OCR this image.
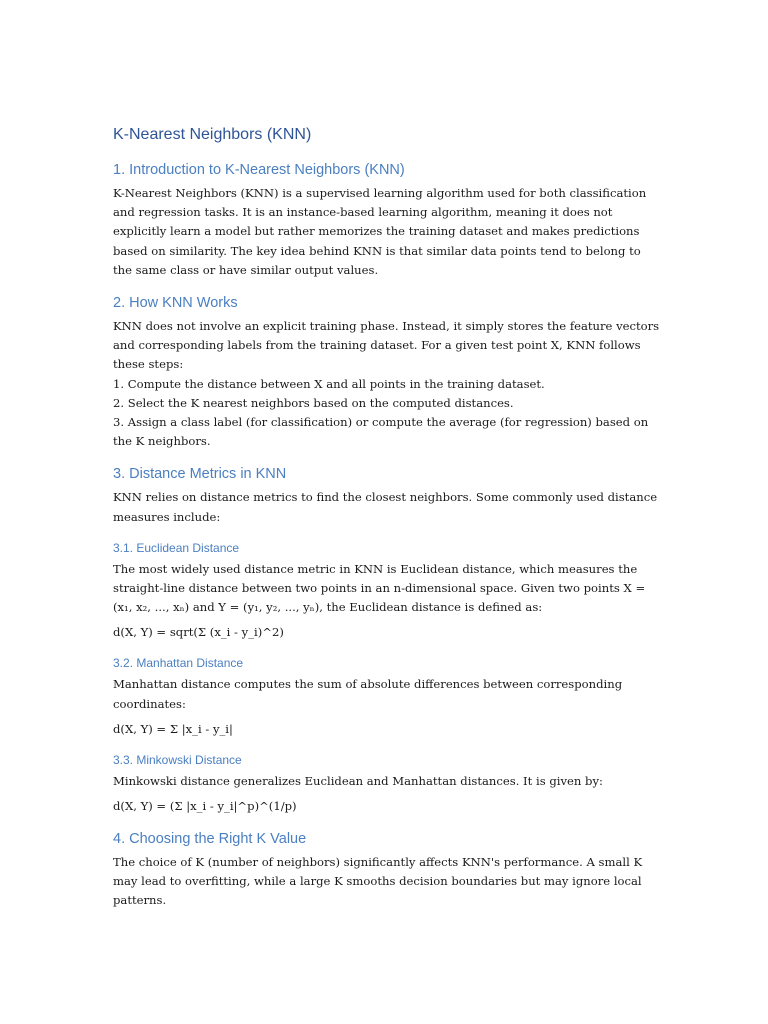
K-Nearest Neighbors (KNN)
1. Introduction to K-Nearest Neighbors (KNN)

K-Nearest Neighbors (KNN) is a supervised learning algorithm used for both classification
and regression tasks. It is an instance-based learning algorithm, meaning it does not
explicitly learn a model but rather memorizes the training dataset and makes predictions
based on similarity. The key idea behind KNN is that similar data points tend to belong to
the same class or have similar output values.

2. How KNN Works

KNN does not involve an explicit training phase. Instead, it simply stores the feature vectors
and corresponding labels from the training dataset. For a given test point X, KNN follows
these steps:
1. Compute the distance between X and all points in the training dataset.
2. Select the K nearest neighbors based on the computed distances.
3. Assign a class label (for classification) or compute the average (for regression) based on
the K neighbors.

3. Distance Metrics in KNN

KNN relies on distance metrics to find the closest neighbors. Some commonly used distance
measures include:

3.1. Euclidean Distance

The most widely used distance metric in KNN is Euclidean distance, which measures the
straight-line distance between two points in an n-dimensional space. Given two points X =
(x₁, x₂, ..., xₙ) and Y = (y₁, y₂, ..., yₙ), the Euclidean distance is defined as:

d(X, Y) = sqrt(Σ (x_i - y_i)^2)

3.2. Manhattan Distance

Manhattan distance computes the sum of absolute differences between corresponding
coordinates:

d(X, Y) = Σ |x_i - y_i|

3.3. Minkowski Distance

Minkowski distance generalizes Euclidean and Manhattan distances. It is given by:

d(X, Y) = (Σ |x_i - y_i|^p)^(1/p)

4. Choosing the Right K Value

The choice of K (number of neighbors) significantly affects KNN's performance. A small K
may lead to overfitting, while a large K smooths decision boundaries but may ignore local
patterns.
